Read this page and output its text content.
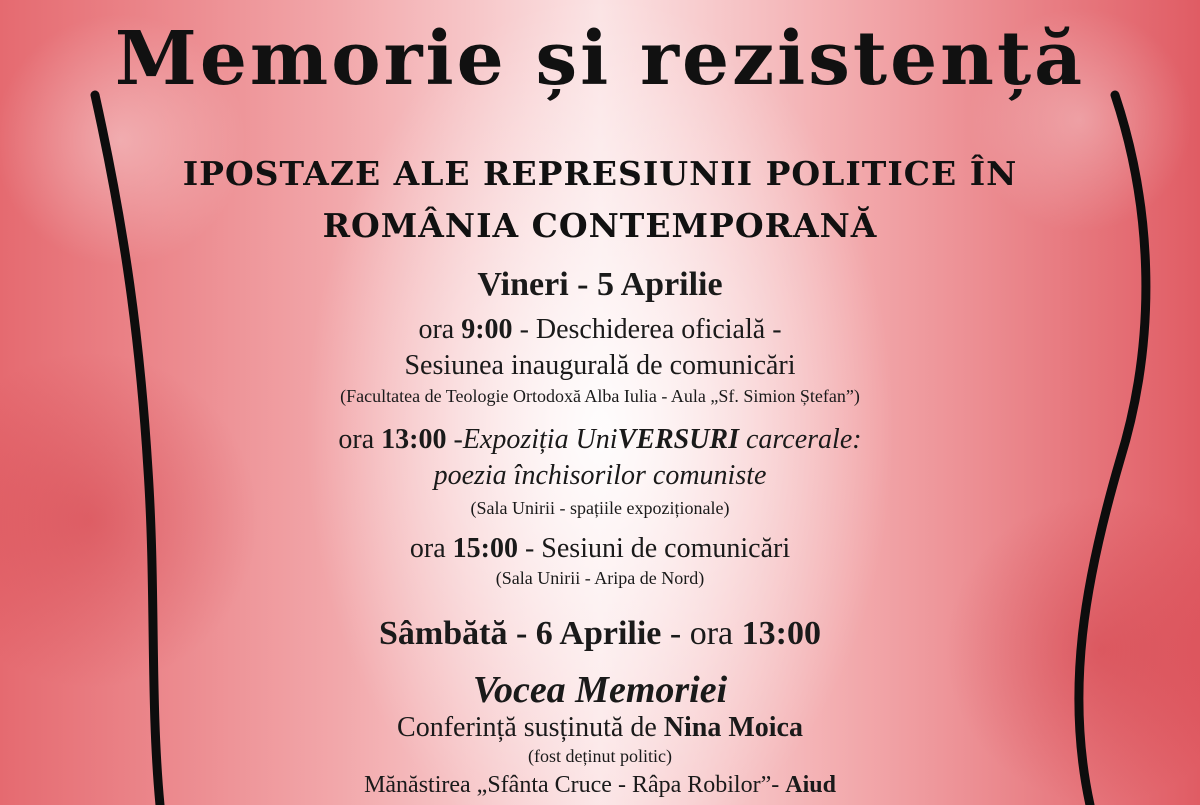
Memorie și rezistență
IPOSTAZE ALE REPRESIUNII POLITICE ÎN
ROMÂNIA CONTEMPORANĂ
Vineri - 5 Aprilie
ora 9:00 - Deschiderea oficială -
Sesiunea inaugurală de comunicări
(Facultatea de Teologie Ortodoxă Alba Iulia - Aula „Sf. Simion Ștefan”)
ora 13:00 -Expoziția UniVERSURI carcerale:
poezia închisorilor comuniste
(Sala Unirii - spațiile expoziționale)
ora 15:00 - Sesiuni de comunicări
(Sala Unirii - Aripa de Nord)
Sâmbătă - 6 Aprilie - ora 13:00
Vocea Memoriei
Conferință susținută de Nina Moica
(fost deținut politic)
Mănăstirea „Sfânta Cruce - Râpa Robilor”- Aiud
